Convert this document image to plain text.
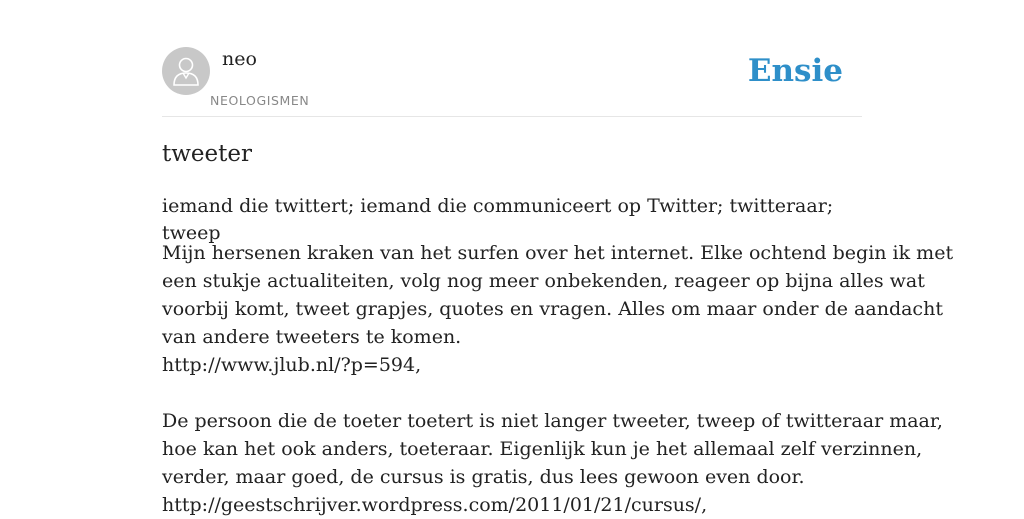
neo
NEOLOGISMEN
Ensie
tweeter

iemand die twittert; iemand die communiceert op Twitter; twitteraar; tweep

Mijn hersenen kraken van het surfen over het internet. Elke ochtend begin ik met
een stukje actualiteiten, volg nog meer onbekenden, reageer op bijna alles wat
voorbij komt, tweet grapjes, quotes en vragen. Alles om maar onder de aandacht
van andere tweeters te komen.
http://www.jlub.nl/?p=594,
De persoon die de toeter toetert is niet langer tweeter, tweep of twitteraar maar,
hoe kan het ook anders, toeteraar. Eigenlijk kun je het allemaal zelf verzinnen,
verder, maar goed, de cursus is gratis, dus lees gewoon even door.
http://geestschrijver.wordpress.com/2011/01/21/cursus/,
